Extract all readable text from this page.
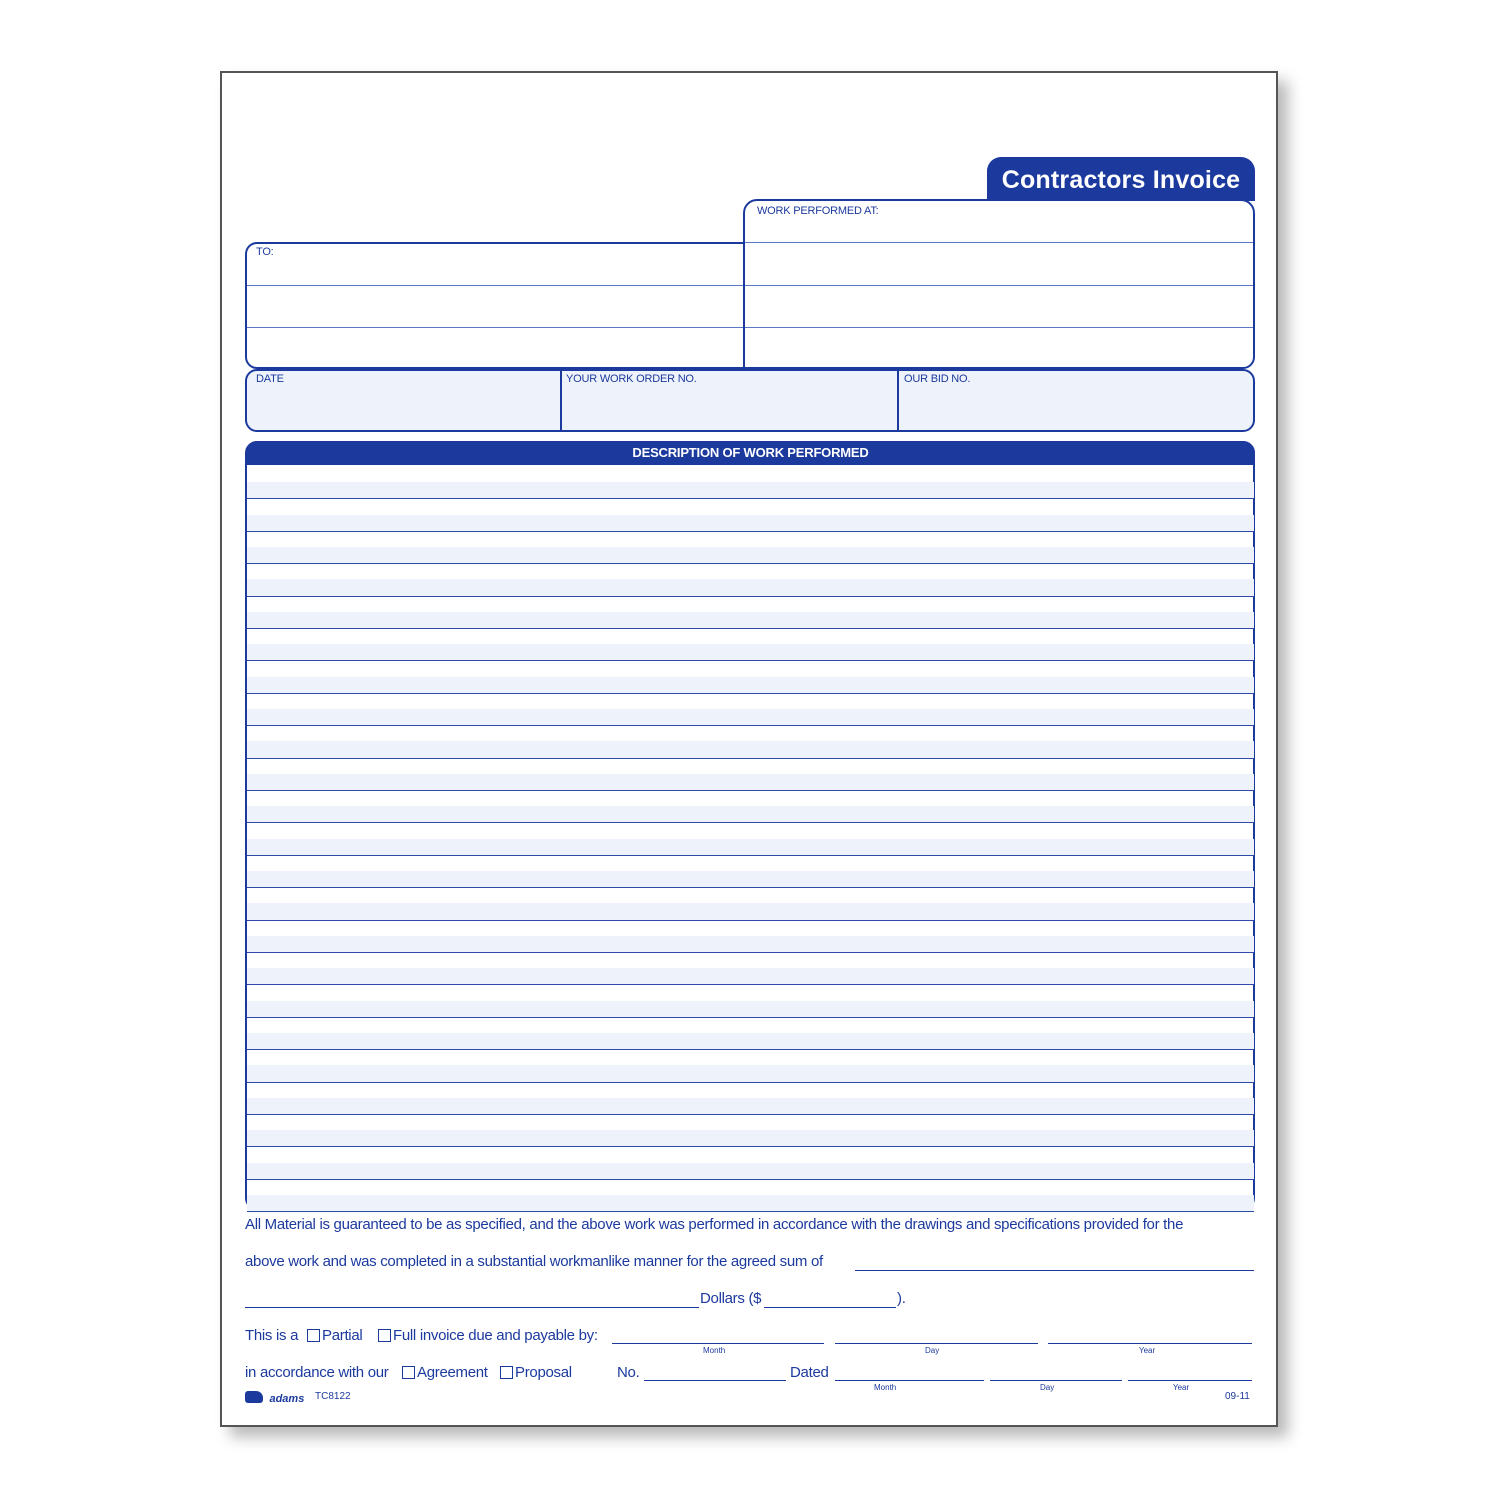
Contractors Invoice
TO:
WORK PERFORMED AT:
DATE	YOUR WORK ORDER NO.	OUR BID NO.
DESCRIPTION OF WORK PERFORMED
All Material is guaranteed to be as specified, and the above work was performed in accordance with the drawings and specifications provided for the
above work and was completed in a substantial workmanlike manner for the agreed sum of
Dollars ($	).
This is a	Partial	Full invoice due and payable by:
Month	Day	Year
in accordance with our	Agreement	Proposal	No.	Dated
Month	Day	Year
adams TC8122	09-11
